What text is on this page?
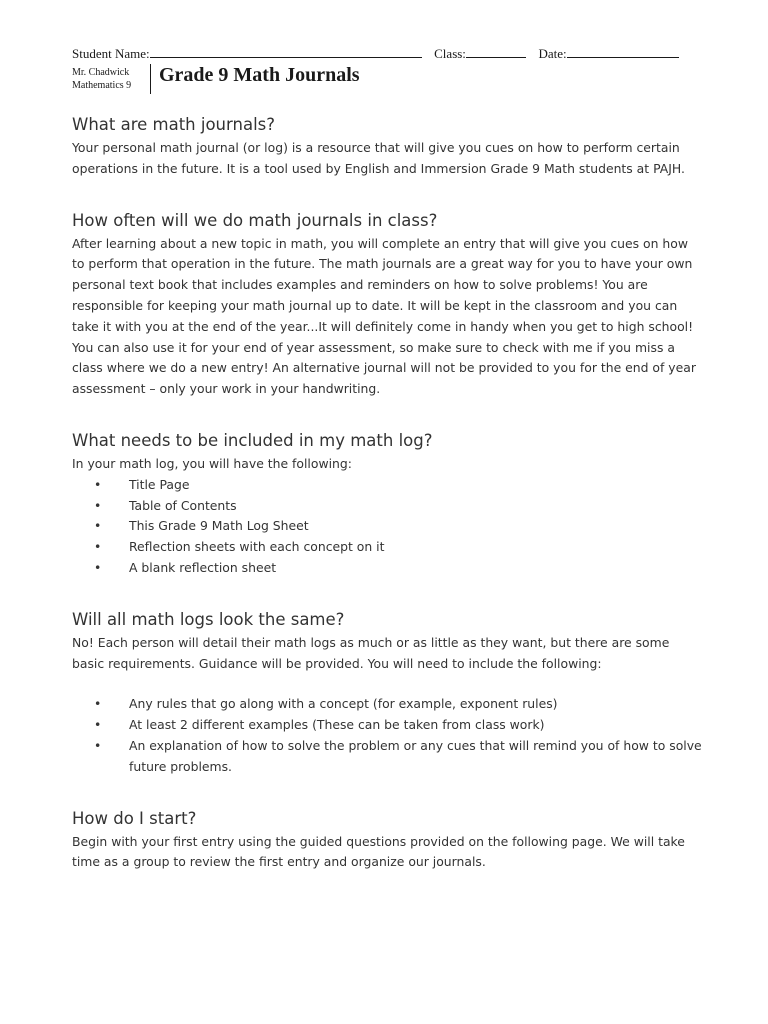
Student Name:	Class:	Date:
Mr. Chadwick
Mathematics 9 Grade 9 Math Journals
What are math journals?

Your personal math journal (or log) is a resource that will give you cues on how to perform certain operations in the future. It is a tool used by English and Immersion Grade 9 Math students at PAJH.

How often will we do math journals in class?

After learning about a new topic in math, you will complete an entry that will give you cues on how to perform that operation in the future. The math journals are a great way for you to have your own personal text book that includes examples and reminders on how to solve problems! You are responsible for keeping your math journal up to date. It will be kept in the classroom and you can take it with you at the end of the year...It will definitely come in handy when you get to high school! You can also use it for your end of year assessment, so make sure to check with me if you miss a class where we do a new entry! An alternative journal will not be provided to you for the end of year assessment – only your work in your handwriting.

What needs to be included in my math log?

In your math log, you will have the following:

• Title Page
• Table of Contents
• This Grade 9 Math Log Sheet
• Reflection sheets with each concept on it
• A blank reflection sheet
Will all math logs look the same?

No! Each person will detail their math logs as much or as little as they want, but there are some basic requirements. Guidance will be provided. You will need to include the following:

• Any rules that go along with a concept (for example, exponent rules)
• At least 2 different examples (These can be taken from class work)
• An explanation of how to solve the problem or any cues that will remind you of how to solve future problems.
How do I start?

Begin with your first entry using the guided questions provided on the following page. We will take time as a group to review the first entry and organize our journals.
